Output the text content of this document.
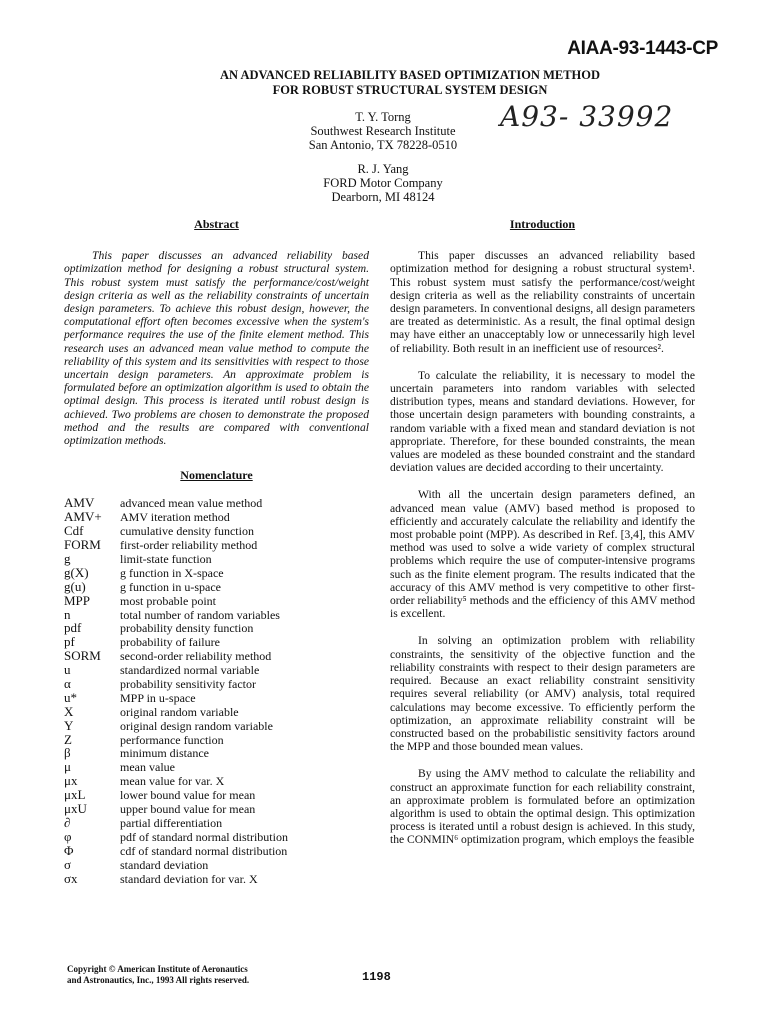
AIAA-93-1443-CP
AN ADVANCED RELIABILITY BASED OPTIMIZATION METHOD
FOR ROBUST STRUCTURAL SYSTEM DESIGN
T. Y. Torng
Southwest Research Institute
San Antonio, TX 78228-0510
R. J. Yang
FORD Motor Company
Dearborn, MI 48124
A93- 33992
Abstract
This paper discusses an advanced reliability based optimization method for designing a robust structural system. This robust system must satisfy the performance/cost/weight design criteria as well as the reliability constraints of uncertain design parameters. To achieve this robust design, however, the computational effort often becomes excessive when the system's performance requires the use of the finite element method. This research uses an advanced mean value method to compute the reliability of this system and its sensitivities with respect to those uncertain design parameters. An approximate problem is formulated before an optimization algorithm is used to obtain the optimal design. This process is iterated until robust design is achieved. Two problems are chosen to demonstrate the proposed method and the results are compared with conventional optimization methods.
Nomenclature
AMV	advanced mean value method
AMV+	AMV iteration method
Cdf	cumulative density function
FORM	first-order reliability method
g	limit-state function
g(X)	g function in X-space
g(u)	g function in u-space
MPP	most probable point
n	total number of random variables
pdf	probability density function
pf	probability of failure
SORM	second-order reliability method
u	standardized normal variable
α	probability sensitivity factor
u*	MPP in u-space
X	original random variable
Y	original design random variable
Z	performance function
β	minimum distance
μ	mean value
μx	mean value for var. X
μxL	lower bound value for mean
μxU	upper bound value for mean
∂	partial differentiation
φ	pdf of standard normal distribution
Φ	cdf of standard normal distribution
σ	standard deviation
σx	standard deviation for var. X
Introduction
This paper discusses an advanced reliability based optimization method for designing a robust structural system¹. This robust system must satisfy the performance/cost/weight design criteria as well as the reliability constraints of uncertain design parameters. In conventional designs, all design parameters are treated as deterministic. As a result, the final optimal design may have either an unacceptably low or unnecessarily high level of reliability. Both result in an inefficient use of resources².
To calculate the reliability, it is necessary to model the uncertain parameters into random variables with selected distribution types, means and standard deviations. However, for those uncertain design parameters with bounding constraints, a random variable with a fixed mean and standard deviation is not appropriate. Therefore, for these bounded constraints, the mean values are modeled as these bounded constraint and the standard deviation values are decided according to their uncertainty.
With all the uncertain design parameters defined, an advanced mean value (AMV) based method is proposed to efficiently and accurately calculate the reliability and identify the most probable point (MPP). As described in Ref. [3,4], this AMV method was used to solve a wide variety of complex structural problems which require the use of computer-intensive programs such as the finite element program. The results indicated that the accuracy of this AMV method is very competitive to other first-order reliability⁵ methods and the efficiency of this AMV method is excellent.
In solving an optimization problem with reliability constraints, the sensitivity of the objective function and the reliability constraints with respect to their design parameters are required. Because an exact reliability constraint sensitivity requires several reliability (or AMV) analysis, total required calculations may become excessive. To efficiently perform the optimization, an approximate reliability constraint will be constructed based on the probabilistic sensitivity factors around the MPP and those bounded mean values.
By using the AMV method to calculate the reliability and construct an approximate function for each reliability constraint, an approximate problem is formulated before an optimization algorithm is used to obtain the optimal design. This optimization process is iterated until a robust design is achieved. In this study, the CONMIN⁶ optimization program, which employs the feasible
Copyright © American Institute of Aeronautics
and Astronautics, Inc., 1993 All rights reserved.	1198
